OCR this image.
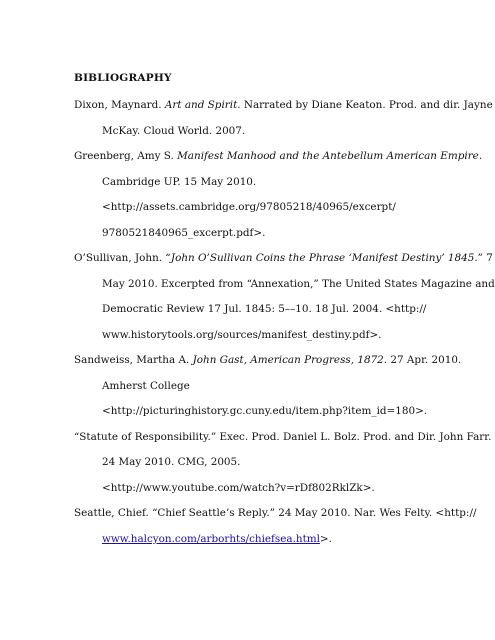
BIBLIOGRAPHY
Dixon, Maynard. Art and Spirit. Narrated by Diane Keaton. Prod. and dir. Jayne
McKay. Cloud World. 2007.
Greenberg, Amy S. Manifest Manhood and the Antebellum American Empire.
Cambridge UP. 15 May 2010.
<http://assets.cambridge.org/97805218/40965/excerpt/
9780521840965_excerpt.pdf>.
O’Sullivan, John. “John O’Sullivan Coins the Phrase ‘Manifest Destiny’ 1845.” 7
May 2010. Excerpted from “Annexation,” The United States Magazine and
Democratic Review 17 Jul. 1845: 5––10. 18 Jul. 2004. <http://
www.historytools.org/sources/manifest_destiny.pdf>.
Sandweiss, Martha A. John Gast, American Progress, 1872. 27 Apr. 2010.
Amherst College
<http://picturinghistory.gc.cuny.edu/item.php?item_id=180>.
“Statute of Responsibility.” Exec. Prod. Daniel L. Bolz. Prod. and Dir. John Farr.
24 May 2010. CMG, 2005.
<http://www.youtube.com/watch?v=rDf802RklZk>.
Seattle, Chief. “Chief Seattle’s Reply.” 24 May 2010. Nar. Wes Felty. <http://
www.halcyon.com/arborhts/chiefsea.html>.
